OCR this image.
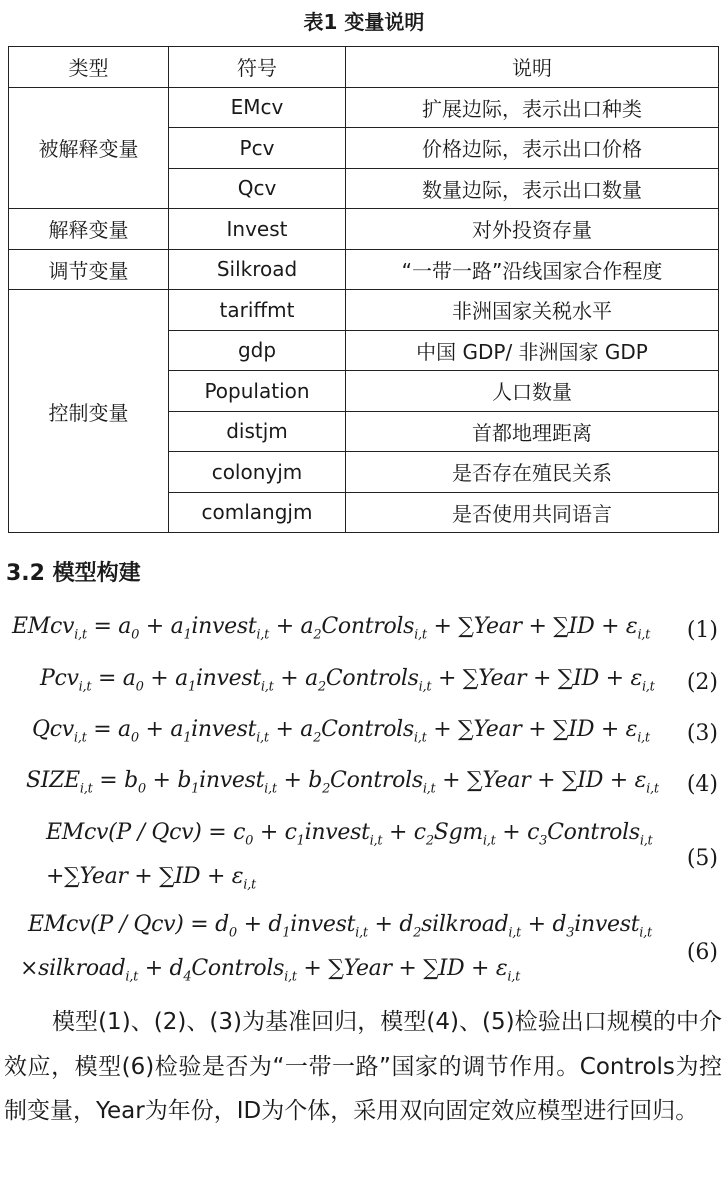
表1 变量说明
类型	符号	说明
被解释变量	EMcv	扩展边际，表示出口种类
	Pcv	价格边际，表示出口价格
	Qcv	数量边际，表示出口数量
解释变量	Invest	对外投资存量
调节变量	Silkroad	“一带一路”沿线国家合作程度
控制变量	tariffmt	非洲国家关税水平
	gdp	中国 GDP/ 非洲国家 GDP
	Population	人口数量
	distjm	首都地理距离
	colonyjm	是否存在殖民关系
	comlangjm	是否使用共同语言
3.2 模型构建
EMcv$_{i,t}$ = $a_0$ + $a_1invest_{i,t}$ + $a_2Controls_{i,t}$ + ∑Year + $\sum ID + \varepsilon_{i,t}$ (1)
$Pcv_{i,t} = a_0$ + $a_1invest_{i,t}$ + $a_2Controls_{i,t}$ + ∑Year + $\sum ID + \varepsilon_{i,t}$ (2)
$Qcv_{i,t} = a_0$ + $a_1invest_{i,t}$ + $a_2Controls_{i,t}$ + ∑Year + $\sum ID + \varepsilon_{i,t}$ (3)
$SIZE_{i,t} = b_0$ + $b_1invest_{i,t}$ + $b_2Controls_{i,t}$ + ∑Year + $\sum ID + \varepsilon_{i,t}$ (4)
EMcv(P / $Qcv) = c_0$ + $c_1invest_{i,t} + c_2Sgm_{i,t}$ + $c_3Controls_{i,t}$
+∑Year + $\sum ID + \varepsilon_{i,t}$
(5)
EMcv(P / $Qcv) = d_0$ + $d_1invest_{i,t}$ + $d_2silkroad_{i,t}$ + $d_3invest_{i,t}$
×silkroad$_{i,t}$ + $d_4Controls_{i,t}$ + ∑Year + $\sum ID + \varepsilon_{i,t}$
(6)
模型(1)、(2)、(3)为基准回归，模型(4)、(5)检验出口规模的中介效应，模型(6)检验是否为“一带一路”国家的调节作用。Controls为控制变量，Year为年份，ID为个体，采用双向固定效应模型进行回归。
